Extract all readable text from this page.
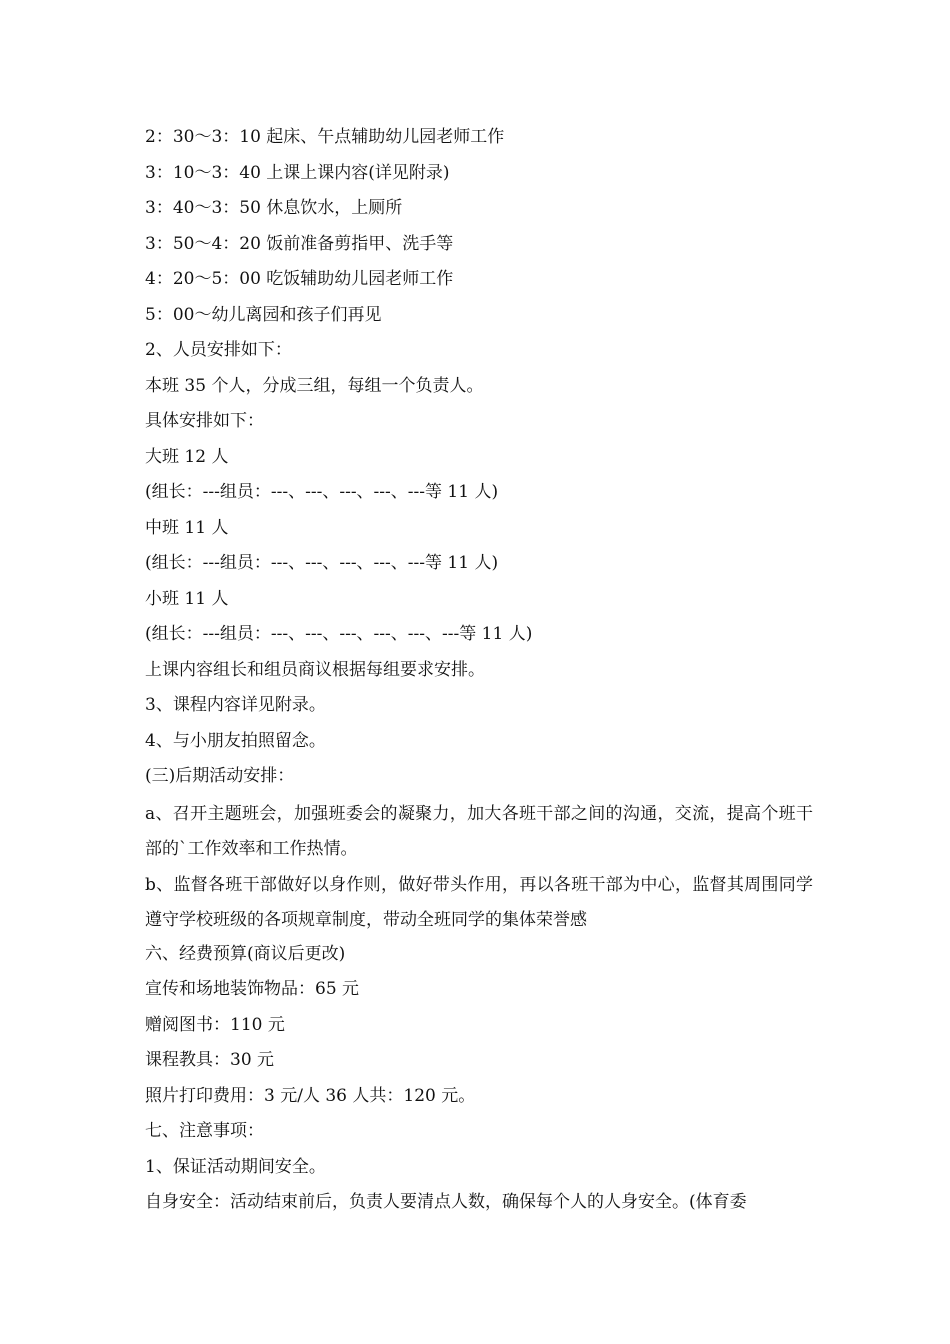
2：30～3：10 起床、午点辅助幼儿园老师工作
3：10～3：40 上课上课内容(详见附录)
3：40～3：50 休息饮水，上厕所
3：50～4：20 饭前准备剪指甲、洗手等
4：20～5：00 吃饭辅助幼儿园老师工作
5：00～幼儿离园和孩子们再见
2、人员安排如下：
本班 35 个人，分成三组，每组一个负责人。
具体安排如下：
大班 12 人
(组长：---组员：---、---、---、---、---等 11 人)
中班 11 人
(组长：---组员：---、---、---、---、---等 11 人)
小班 11 人
(组长：---组员：---、---、---、---、---、---等 11 人)
上课内容组长和组员商议根据每组要求安排。
3、课程内容详见附录。
4、与小朋友拍照留念。
(三)后期活动安排：
a、召开主题班会，加强班委会的凝聚力，加大各班干部之间的沟通，交流，提高个班干部的`工作效率和工作热情。
b、监督各班干部做好以身作则，做好带头作用，再以各班干部为中心，监督其周围同学遵守学校班级的各项规章制度，带动全班同学的集体荣誉感
六、经费预算(商议后更改)
宣传和场地装饰物品：65 元
赠阅图书：110 元
课程教具：30 元
照片打印费用：3 元/人 36 人共：120 元。
七、注意事项：
1、保证活动期间安全。
自身安全：活动结束前后，负责人要清点人数，确保每个人的人身安全。(体育委
